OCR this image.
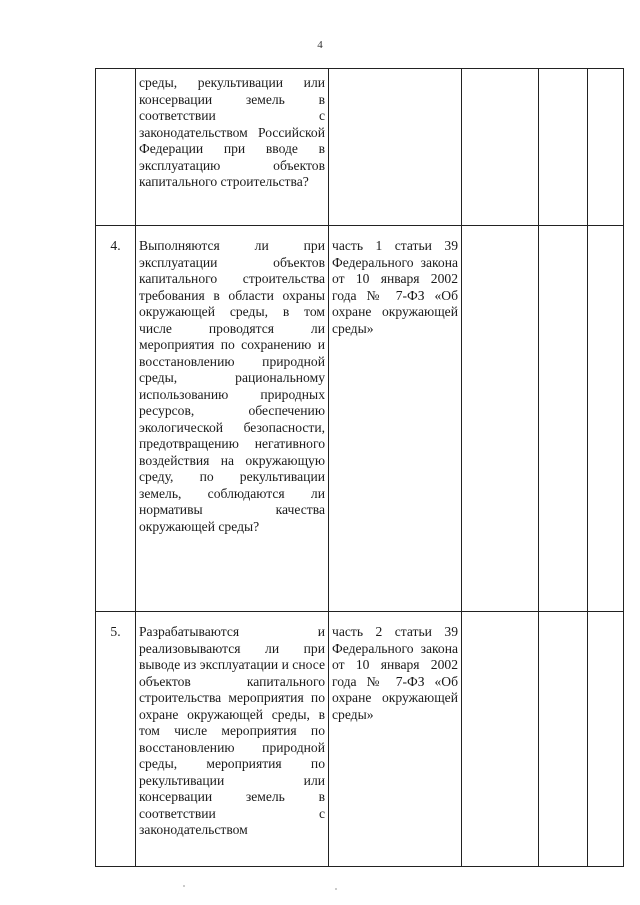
4
	среды, рекультивации или консервации земель в соответствии с законодательством Российской Федерации при вводе в эксплуатацию объектов капитального строительства?				
4.	Выполняются ли при эксплуатации объектов капитального строительства требования в области охраны окружающей среды, в том числе проводятся ли мероприятия по сохранению и восстановлению природной среды, рациональному использованию природных ресурсов, обеспечению экологической безопасности, предотвращению негативного воздействия на окружающую среду, по рекультивации земель, соблюдаются ли нормативы качества окружающей среды?	часть 1 статьи 39 Федерального закона от 10 января 2002 года № 7-ФЗ «Об охране окружающей среды»			
5.	Разрабатываются и реализовываются ли при выводе из эксплуатации и сносе объектов капитального строительства мероприятия по охране окружающей среды, в том числе мероприятия по восстановлению природной среды, мероприятия по рекультивации или консервации земель в соответствии с законодательством	часть 2 статьи 39 Федерального закона от 10 января 2002 года № 7-ФЗ «Об охране окружающей среды»			
